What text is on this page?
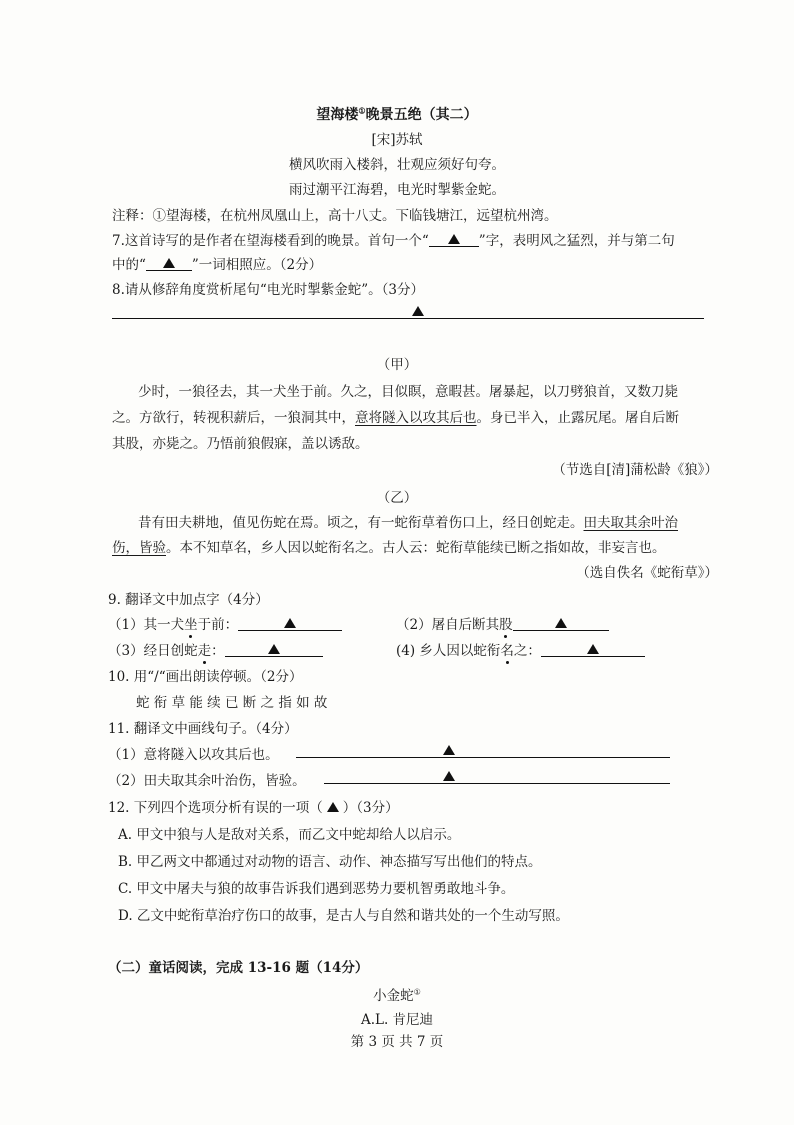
望海楼①晚景五绝（其二）
[宋]苏轼
横风吹雨入楼斜，壮观应须好句夸。
雨过潮平江海碧，电光时掣紫金蛇。
注释：①望海楼，在杭州凤凰山上，高十八丈。下临钱塘江，远望杭州湾。
7.这首诗写的是作者在望海楼看到的晚景。首句一个“	”字，表明风之猛烈，并与第二句
中的“	”一词相照应。（2分）
8.请从修辞角度赏析尾句“电光时掣紫金蛇”。（3分）
（甲）
少时，一狼径去，其一犬坐于前。久之，目似瞑，意暇甚。屠暴起，以刀劈狼首，又数刀毙
之。方欲行，转视积薪后，一狼洞其中，意将隧入以攻其后也。身已半入，止露尻尾。屠自后断
其股，亦毙之。乃悟前狼假寐，盖以诱敌。
（节选自[清]蒲松龄《狼》）
（乙）
昔有田夫耕地，值见伤蛇在焉。顷之，有一蛇衔草着伤口上，经日创蛇走。田夫取其余叶治
伤，皆验。本不知草名，乡人因以蛇衔名之。古人云：蛇衔草能续已断之指如故，非妄言也。
（选自佚名《蛇衔草》）
9. 翻译文中加点字（4分）
（1）其一犬坐于前：	（2）屠自后断其股
（3）经日创蛇走：	(4) 乡人因以蛇衔名之：
10. 用“/“画出朗读停顿。（2分）
蛇 衔 草 能 续 已 断 之 指 如 故
11. 翻译文中画线句子。（4分）
（1）意将隧入以攻其后也。
（2）田夫取其余叶治伤，皆验。
12. 下列四个选项分析有误的一项（ ）（3分）
A. 甲文中狼与人是敌对关系，而乙文中蛇却给人以启示。
B. 甲乙两文中都通过对动物的语言、动作、神态描写写出他们的特点。
C. 甲文中屠夫与狼的故事告诉我们遇到恶势力要机智勇敢地斗争。
D. 乙文中蛇衔草治疗伤口的故事，是古人与自然和谐共处的一个生动写照。
（二）童话阅读，完成 13-16 题（14分）
小金蛇①
A.L. 肯尼迪
第 3 页 共 7 页
